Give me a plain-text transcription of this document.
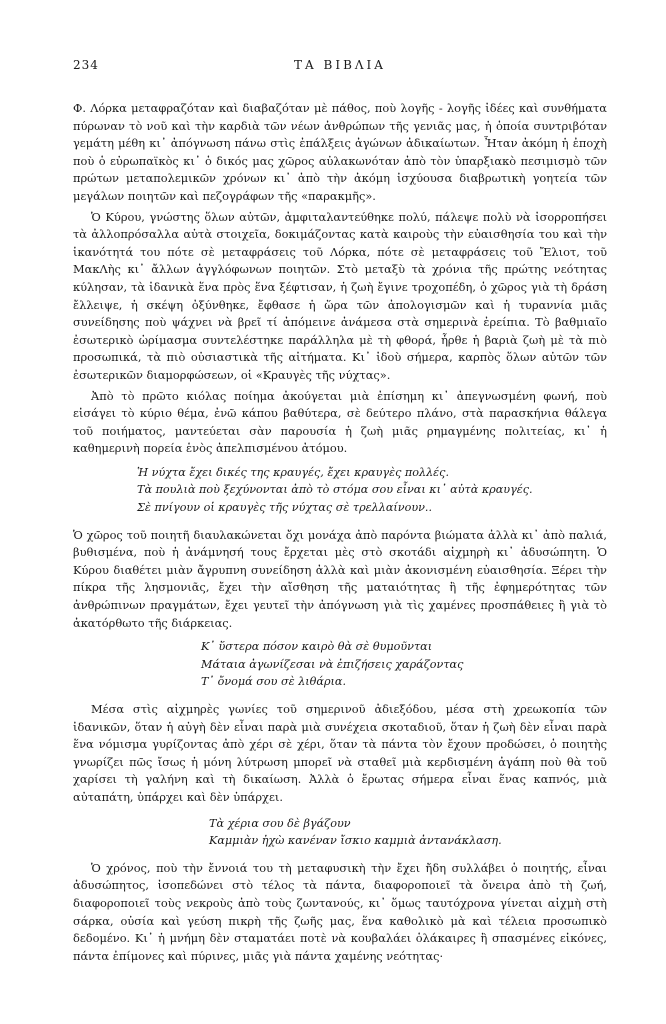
234	ΤΑ ΒΙΒΛΙΑ

Φ. Λόρκα μεταφραζόταν καὶ διαβαζόταν μὲ πάθος, ποὺ λογῆς - λογῆς ἰδέες καὶ συνθήματα πύρωναν τὸ νοῦ καὶ τὴν καρδιὰ τῶν νέων ἀνθρώπων τῆς γενιᾶς μας, ἡ ὁποία συντριβόταν γεμάτη μέθη κι᾽ ἀπόγνωση πάνω στὶς ἐπάλξεις ἀγώνων ἀδικαίωτων. Ἦταν ἀκόμη ἡ ἐποχὴ ποὺ ὁ εὐρωπαϊκὸς κι᾽ ὁ δικός μας χῶρος αὐλακωνόταν ἀπὸ τὸν ὑπαρξιακὸ πεσιμισμὸ τῶν πρώτων μεταπολεμικῶν χρόνων κι᾽ ἀπὸ τὴν ἀκόμη ἰσχύουσα διαβρωτικὴ γοητεία τῶν μεγάλων ποιητῶν καὶ πεζογράφων τῆς «παρακμῆς».

Ὁ Κύρου, γνώστης ὅλων αὐτῶν, ἀμφιταλαντεύθηκε πολύ, πάλεψε πολὺ νὰ ἰσορροπήσει τὰ ἀλλοπρόσαλλα αὐτὰ στοιχεῖα, δοκιμάζοντας κατὰ καιροὺς τὴν εὐαισθησία του καὶ τὴν ἱκανότητά του πότε σὲ μεταφράσεις τοῦ Λόρκα, πότε σὲ μεταφράσεις τοῦ Ἔλιοτ, τοῦ ΜακΛὴς κι᾽ ἄλλων ἀγγλόφωνων ποιητῶν. Στὸ μεταξὺ τὰ χρόνια τῆς πρώτης νεότητας κύλησαν, τὰ ἰδανικὰ ἕνα πρὸς ἕνα ξέφτισαν, ἡ ζωὴ ἔγινε τροχοπέδη, ὁ χῶρος γιὰ τὴ δράση ἔλλειψε, ἡ σκέψη ὀξύνθηκε, ἔφθασε ἡ ὥρα τῶν ἀπολογισμῶν καὶ ἡ τυραννία μιᾶς συνείδησης ποὺ ψάχνει νὰ βρεῖ τί ἀπόμεινε ἀνάμεσα στὰ σημερινὰ ἐρείπια. Τὸ βαθμιαῖο ἐσωτερικὸ ὡρίμασμα συντελέστηκε παράλληλα μὲ τὴ φθορά, ἦρθε ἡ βαριὰ ζωὴ μὲ τὰ πιὸ προσωπικά, τὰ πιὸ οὐσιαστικὰ τῆς αἰτήματα. Κι᾽ ἰδοὺ σήμερα, καρπὸς ὅλων αὐτῶν τῶν ἐσωτερικῶν διαμορφώσεων, οἱ «Κραυγὲς τῆς νύχτας».

Ἀπὸ τὸ πρῶτο κιόλας ποίημα ἀκούγεται μιὰ ἐπίσημη κι᾽ ἀπεγνωσμένη φωνή, ποὺ εἰσάγει τὸ κύριο θέμα, ἐνῶ κάπου βαθύτερα, σὲ δεύτερο πλάνο, στὰ παρασκήνια θάλεγα τοῦ ποιήματος, μαντεύεται σὰν παρουσία ἡ ζωὴ μιᾶς ρημαγμένης πολιτείας, κι᾽ ἡ καθημερινὴ πορεία ἑνὸς ἀπελπισμένου ἀτόμου.

Ἡ νύχτα ἔχει δικές της κραυγές, ἔχει κραυγὲς πολλές.
Τὰ πουλιὰ ποὺ ξεχύνονται ἀπὸ τὸ στόμα σου εἶναι κι᾽ αὐτὰ κραυγές.
Σὲ πνίγουν οἱ κραυγὲς τῆς νύχτας σὲ τρελλαίνουν..

Ὁ χῶρος τοῦ ποιητῆ διαυλακώνεται ὄχι μονάχα ἀπὸ παρόντα βιώματα ἀλλὰ κι᾽ ἀπὸ παλιά, βυθισμένα, ποὺ ἡ ἀνάμνησή τους ἔρχεται μὲς στὸ σκοτάδι αἰχμηρὴ κι᾽ ἀδυσώπητη. Ὁ Κύρου διαθέτει μιὰν ἄγρυπνη συνείδηση ἀλλὰ καὶ μιὰν ἀκονισμένη εὐαισθησία. Ξέρει τὴν πίκρα τῆς λησμονιᾶς, ἔχει τὴν αἴσθηση τῆς ματαιότητας ἢ τῆς ἐφημερότητας τῶν ἀνθρώπινων πραγμάτων, ἔχει γευτεῖ τὴν ἀπόγνωση γιὰ τὶς χαμένες προσπάθειες ἢ γιὰ τὸ ἀκατόρθωτο τῆς διάρκειας.

Κ᾽ ὕστερα πόσον καιρὸ θὰ σὲ θυμοῦνται
Μάταια ἀγωνίζεσαι νὰ ἐπιζήσεις χαράζοντας
Τ᾽ ὄνομά σου σὲ λιθάρια.

Μέσα στὶς αἰχμηρὲς γωνίες τοῦ σημερινοῦ ἀδιεξόδου, μέσα στὴ χρεωκοπία τῶν ἰδανικῶν, ὅταν ἡ αὐγὴ δὲν εἶναι παρὰ μιὰ συνέχεια σκοταδιοῦ, ὅταν ἡ ζωὴ δὲν εἶναι παρὰ ἕνα νόμισμα γυρίζοντας ἀπὸ χέρι σὲ χέρι, ὅταν τὰ πάντα τὸν ἔχουν προδώσει, ὁ ποιητὴς γνωρίζει πῶς ἴσως ἡ μόνη λύτρωση μπορεῖ νὰ σταθεῖ μιὰ κερδισμένη ἀγάπη ποὺ θὰ τοῦ χαρίσει τὴ γαλήνη καὶ τὴ δικαίωση. Ἀλλὰ ὁ ἔρωτας σήμερα εἶναι ἕνας καπνός, μιὰ αὐταπάτη, ὑπάρχει καὶ δὲν ὑπάρχει.

Τὰ χέρια σου δὲ βγάζουν
Καμμιὰν ἠχὼ κανέναν ἴσκιο καμμιὰ ἀντανάκλαση.

Ὁ χρόνος, ποὺ τὴν ἔννοιά του τὴ μεταφυσικὴ τὴν ἔχει ἤδη συλλάβει ὁ ποιητής, εἶναι ἀδυσώπητος, ἰσοπεδώνει στὸ τέλος τὰ πάντα, διαφοροποιεῖ τὰ ὄνειρα ἀπὸ τὴ ζωή, διαφοροποιεῖ τοὺς νεκροὺς ἀπὸ τοὺς ζωντανούς, κι᾽ ὅμως ταυτόχρονα γίνεται αἰχμὴ στὴ σάρκα, οὐσία καὶ γεύση πικρὴ τῆς ζωῆς μας, ἕνα καθολικὸ μὰ καὶ τέλεια προσωπικὸ δεδομένο. Κι᾽ ἡ μνήμη δὲν σταματάει ποτὲ νὰ κουβαλάει ὁλάκαιρες ἢ σπασμένες εἰκόνες, πάντα ἐπίμονες καὶ πύρινες, μιᾶς γιὰ πάντα χαμένης νεότητας·
